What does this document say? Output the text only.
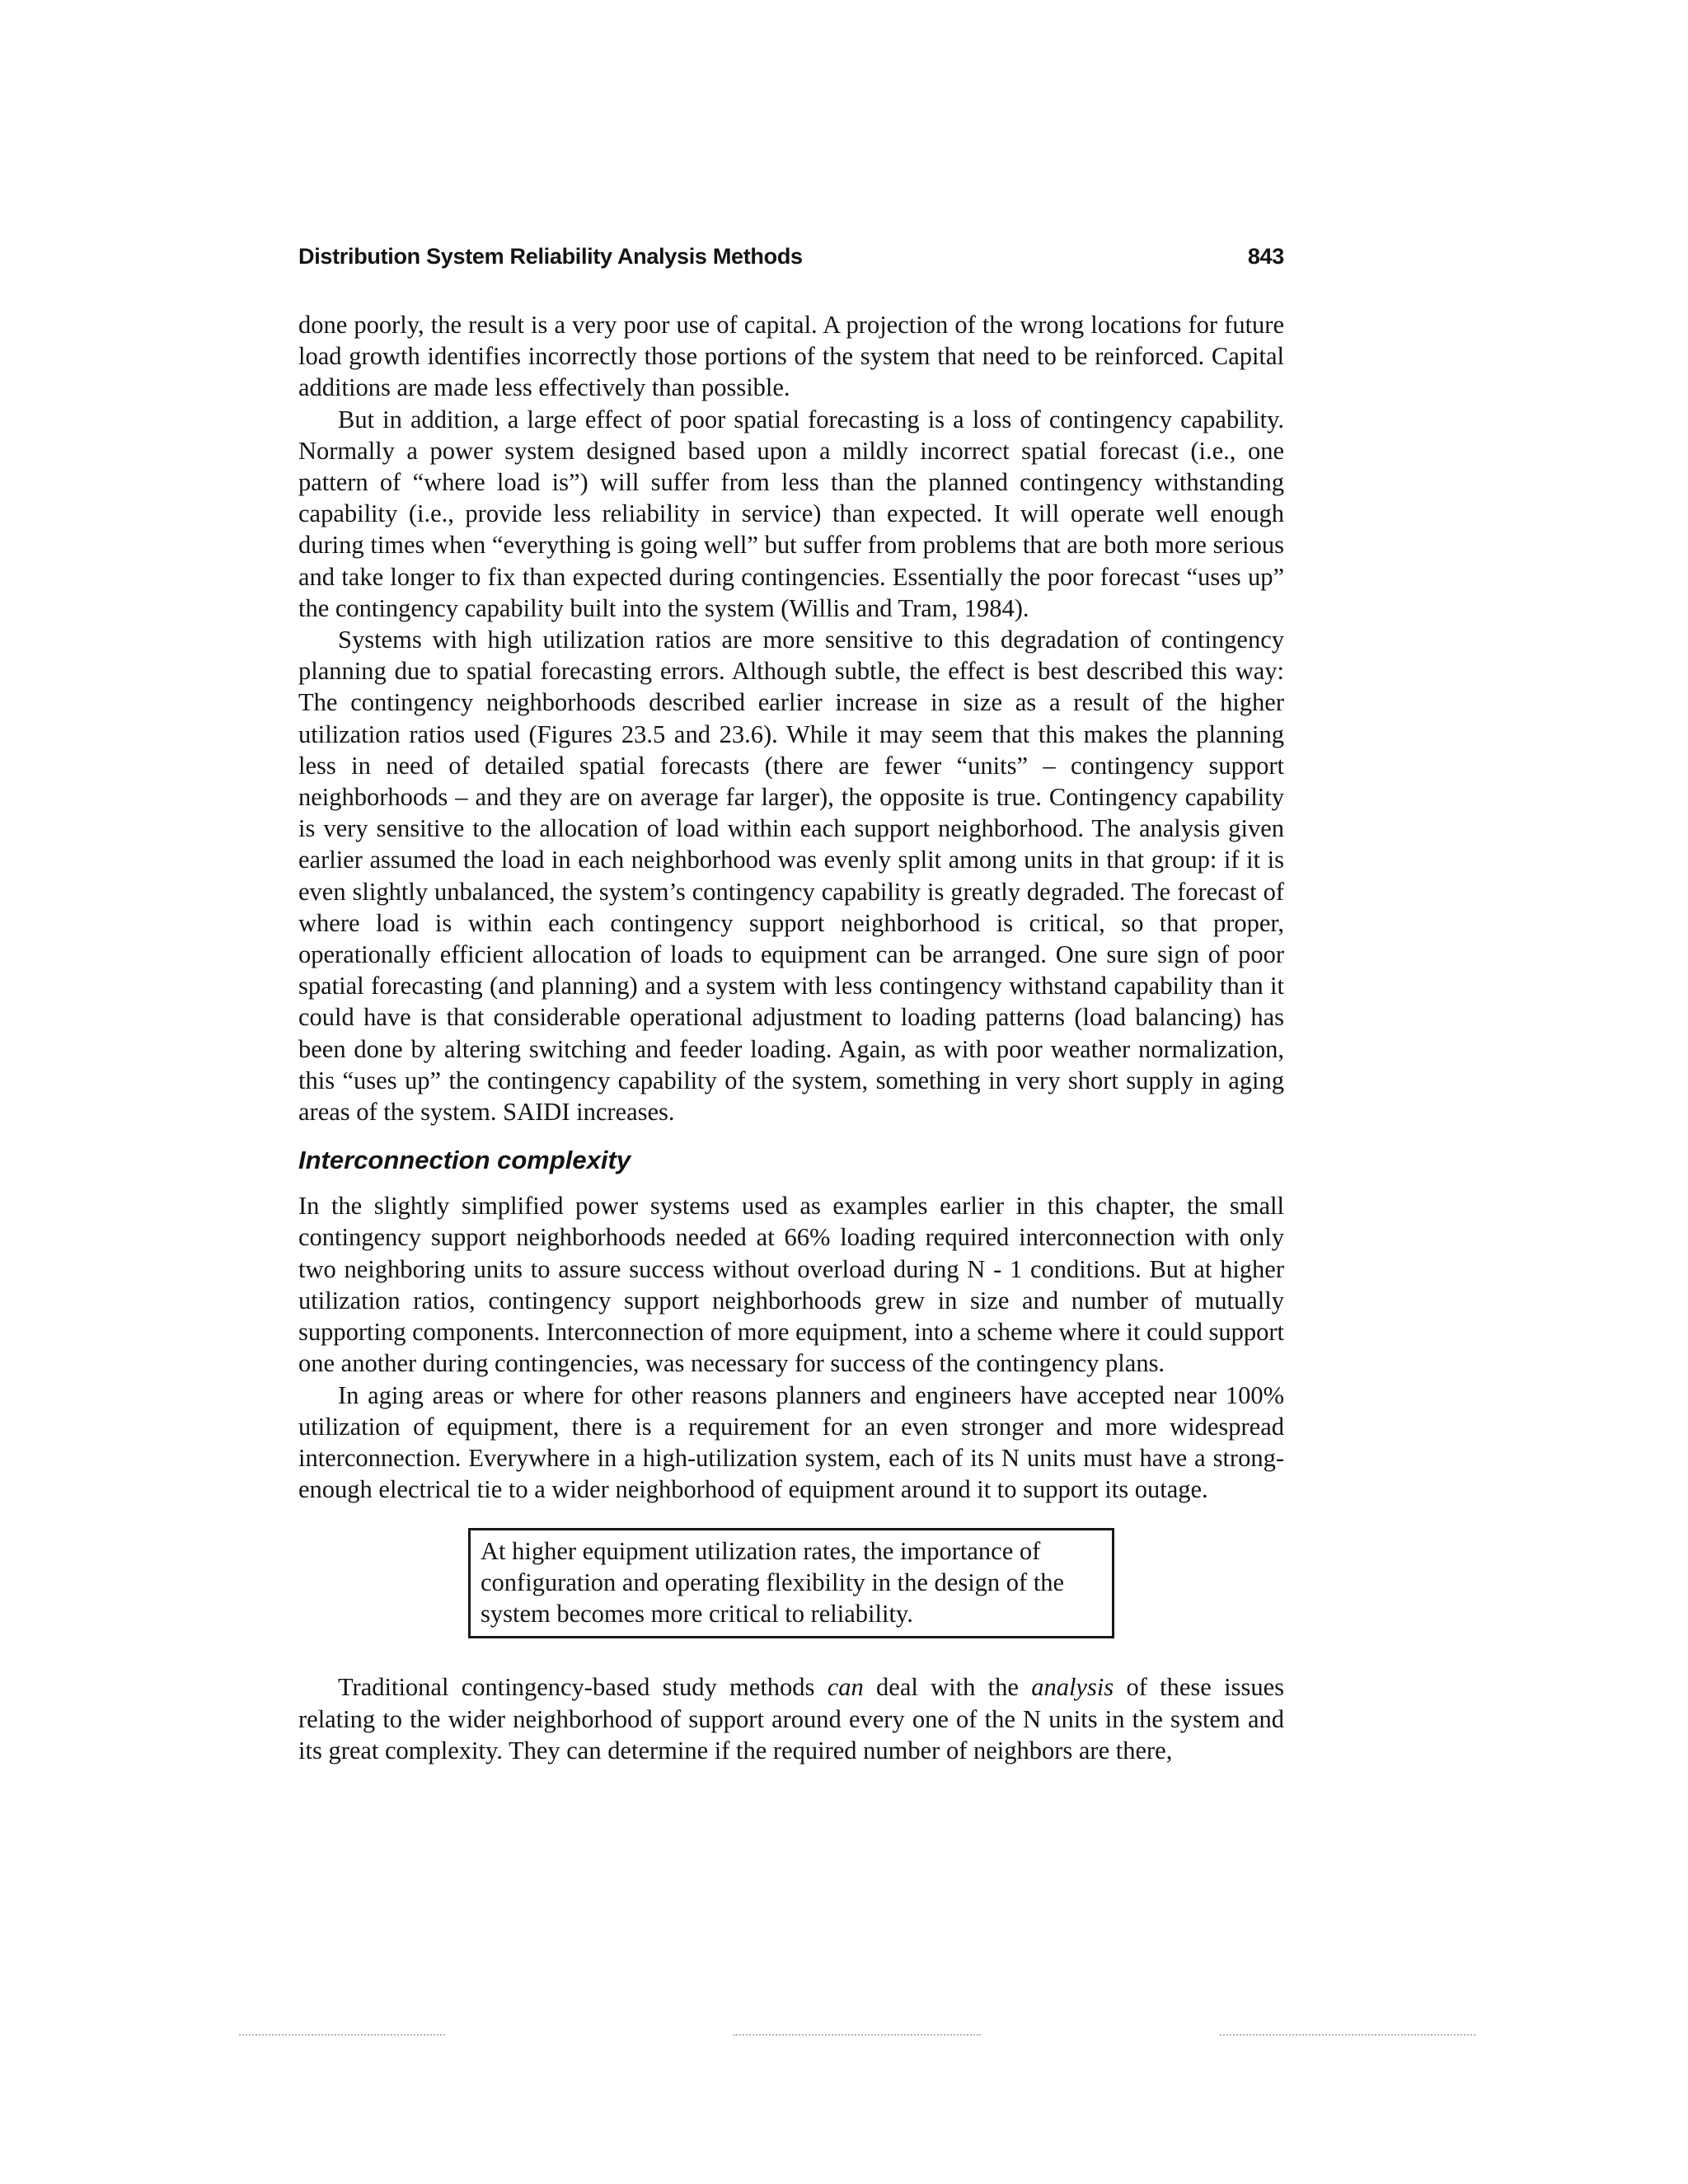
Distribution System Reliability Analysis Methods	843

done poorly, the result is a very poor use of capital. A projection of the wrong locations for future load growth identifies incorrectly those portions of the system that need to be reinforced. Capital additions are made less effectively than possible.

But in addition, a large effect of poor spatial forecasting is a loss of contingency capability. Normally a power system designed based upon a mildly incorrect spatial forecast (i.e., one pattern of “where load is”) will suffer from less than the planned contingency withstanding capability (i.e., provide less reliability in service) than expected. It will operate well enough during times when “everything is going well” but suffer from problems that are both more serious and take longer to fix than expected during contingencies. Essentially the poor forecast “uses up” the contingency capability built into the system (Willis and Tram, 1984).

Systems with high utilization ratios are more sensitive to this degradation of contingency planning due to spatial forecasting errors. Although subtle, the effect is best described this way: The contingency neighborhoods described earlier increase in size as a result of the higher utilization ratios used (Figures 23.5 and 23.6). While it may seem that this makes the planning less in need of detailed spatial forecasts (there are fewer “units” – contingency support neighborhoods – and they are on average far larger), the opposite is true. Contingency capability is very sensitive to the allocation of load within each support neighborhood. The analysis given earlier assumed the load in each neighborhood was evenly split among units in that group: if it is even slightly unbalanced, the system’s contingency capability is greatly degraded. The forecast of where load is within each contingency support neighborhood is critical, so that proper, operationally efficient allocation of loads to equipment can be arranged. One sure sign of poor spatial forecasting (and planning) and a system with less contingency withstand capability than it could have is that considerable operational adjustment to loading patterns (load balancing) has been done by altering switching and feeder loading. Again, as with poor weather normalization, this “uses up” the contingency capability of the system, something in very short supply in aging areas of the system. SAIDI increases.

Interconnection complexity

In the slightly simplified power systems used as examples earlier in this chapter, the small contingency support neighborhoods needed at 66% loading required interconnection with only two neighboring units to assure success without overload during N - 1 conditions. But at higher utilization ratios, contingency support neighborhoods grew in size and number of mutually supporting components. Interconnection of more equipment, into a scheme where it could support one another during contingencies, was necessary for success of the contingency plans.

In aging areas or where for other reasons planners and engineers have accepted near 100% utilization of equipment, there is a requirement for an even stronger and more widespread interconnection. Everywhere in a high-utilization system, each of its N units must have a strong-enough electrical tie to a wider neighborhood of equipment around it to support its outage.

At higher equipment utilization rates, the importance of configuration and operating flexibility in the design of the system becomes more critical to reliability.

Traditional contingency-based study methods can deal with the analysis of these issues relating to the wider neighborhood of support around every one of the N units in the system and its great complexity. They can determine if the required number of neighbors are there,
